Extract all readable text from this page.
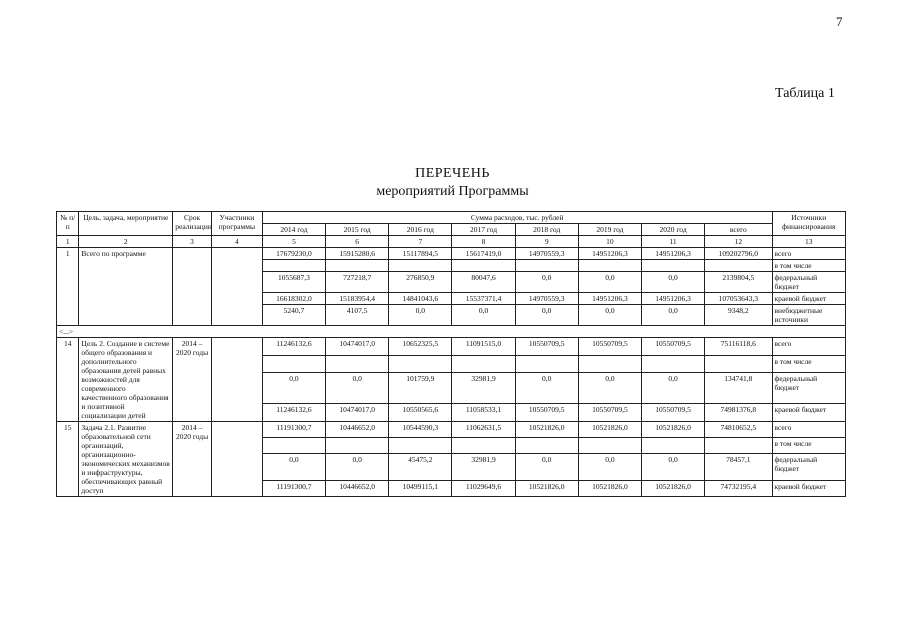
7
Таблица 1
ПЕРЕЧЕНЬ
мероприятий Программы
№ п/п	Цель, задача, мероприятие	Срок реализации	Участники программы	Сумма расходов, тыс. рублей								Источники финансирования
				2014 год	2015 год	2016 год	2017 год	2018 год	2019 год	2020 год	всего	
1	2	3	4	5	6	7	8	9	10	11	12	13
1	Всего по программе			17679230,0	15915280,6	15117894,5	15617419,0	14970559,3	14951206,3	14951206,3	109202796,0	всего
												в том числе
				1055687,3	727218,7	276850,9	80047,6	0,0	0,0	0,0	2139804,5	федеральный бюджет
				16618302,0	15183954,4	14841043,6	15537371,4	14970559,3	14951206,3	14951206,3	107053643,3	краевой бюджет
				5240,7	4107,5	0,0	0,0	0,0	0,0	0,0	9348,2	внебюджетные источники
<...>												
14	Цель 2. Создание в системе общего образования и дополнительного образования детей равных возможностей для современного качественного образования и позитивной социализации детей	2014 – 2020 годы		11246132,6	10474017,0	10652325,5	11091515,0	10550709,5	10550709,5	10550709,5	75116118,6	всего
												в том числе
				0,0	0,0	101759,9	32981,9	0,0	0,0	0,0	134741,8	федеральный бюджет
				11246132,6	10474017,0	10550565,6	11058533,1	10550709,5	10550709,5	10550709,5	74981376,8	краевой бюджет
15	Задача 2.1. Развитие образовательной сети организаций, организационно-экономических механизмов и инфраструктуры, обеспечивающих равный доступ	2014 – 2020 годы		11191300,7	10446652,0	10544590,3	11062631,5	10521826,0	10521826,0	10521826,0	74810652,5	всего
												в том числе
				0,0	0,0	45475,2	32981,9	0,0	0,0	0,0	78457,1	федеральный бюджет
				11191300,7	10446652,0	10499115,1	11029649,6	10521826,0	10521826,0	10521826,0	74732195,4	краевой бюджет
